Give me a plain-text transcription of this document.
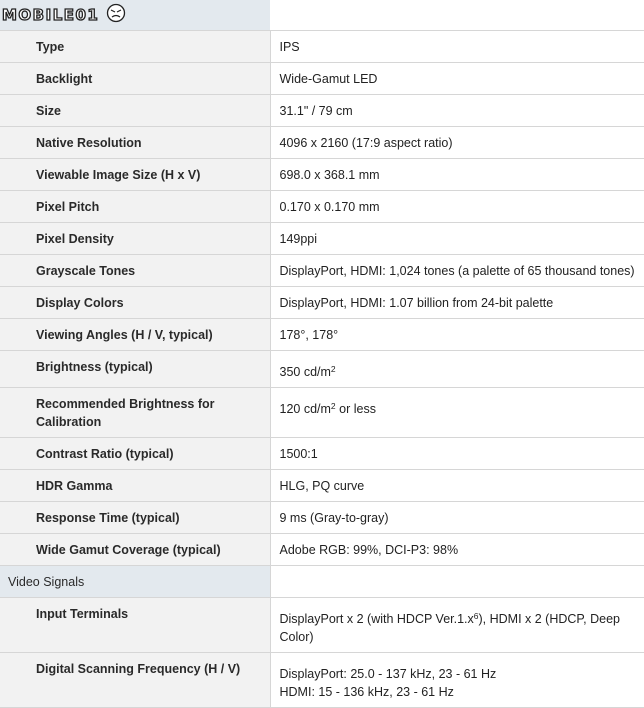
MOBILE01	

Type	IPS
Backlight	Wide-Gamut LED
Size	31.1" / 79 cm
Native Resolution	4096 x 2160 (17:9 aspect ratio)
Viewable Image Size (H x V)	698.0 x 368.1 mm
Pixel Pitch	0.170 x 0.170 mm
Pixel Density	149ppi
Grayscale Tones	DisplayPort, HDMI: 1,024 tones (a palette of 65 thousand tones)
Display Colors	DisplayPort, HDMI: 1.07 billion from 24-bit palette
Viewing Angles (H / V, typical)	178°, 178°
Brightness (typical)	350 $cd/m^2$
Recommended Brightness for Calibration	120 $cd/m^2$ or less
Contrast Ratio (typical)	1500:1
HDR Gamma	HLG, PQ curve
Response Time (typical)	9 ms (Gray-to-gray)
Wide Gamut Coverage (typical)	Adobe RGB: 99%, DCI-P3: 98%
Video Signals	
Input Terminals	DisplayPort x 2 (with HDCP $Ver.1.x^6$), HDMI x 2 (HDCP, Deep Color)
Digital Scanning Frequency (H / V)	DisplayPort: 25.0 - 137 kHz, 23 - 61 Hz
HDMI: 15 - 136 kHz, 23 - 61 Hz
